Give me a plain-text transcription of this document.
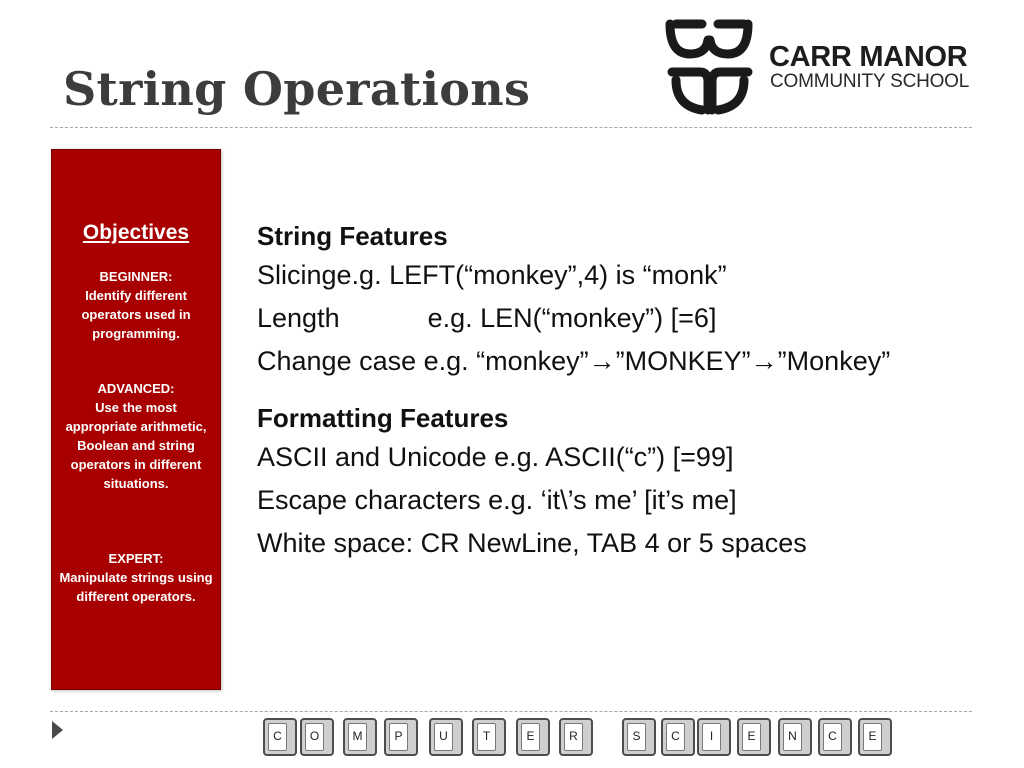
String Operations
CARR MANOR
COMMUNITY SCHOOL
Objectives
BEGINNER:
Identify different operators used in programming.
ADVANCED:
Use the most appropriate arithmetic, Boolean and string operators in different situations.
EXPERT:
Manipulate strings using different operators.
String Features
Slicinge.g. LEFT(“monkey”,4) is “monk”
Length	e.g. LEN(“monkey”) [=6]
Change case e.g. “monkey”→”MONKEY”→”Monkey”
Formatting Features
ASCII and Unicode e.g. ASCII(“c”) [=99]
Escape characters e.g. ‘it\’s me’ [it’s me]
White space: CR NewLine, TAB 4 or 5 spaces
C	O	M	P	U	T	E	R	S	C	I	E	N	C	E
